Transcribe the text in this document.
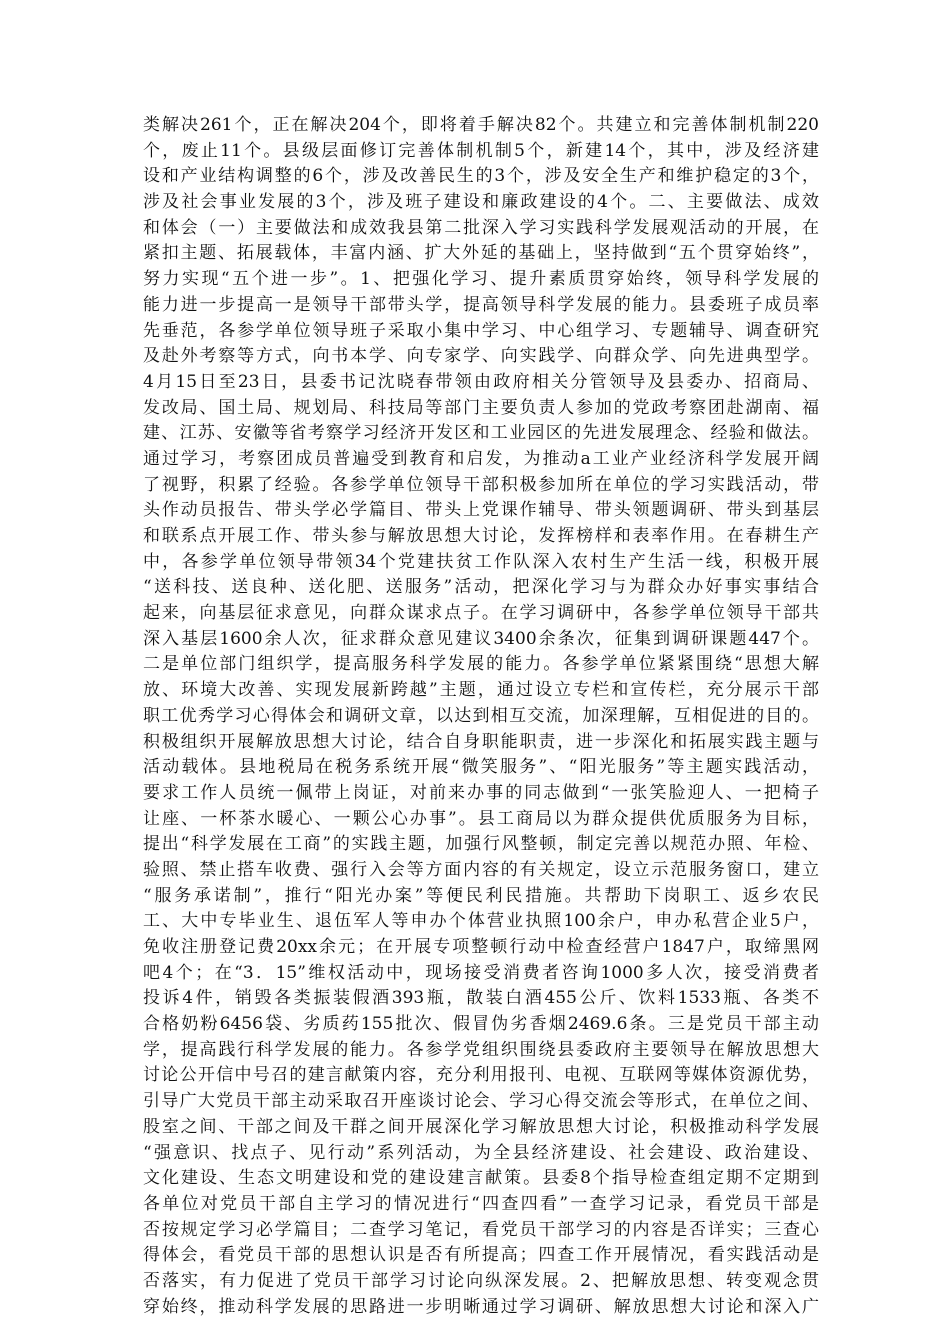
类解决261个，正在解决204个，即将着手解决82个。共建立和完善体制机制220
个，废止11个。县级层面修订完善体制机制5个，新建14个，其中，涉及经济建
设和产业结构调整的6个，涉及改善民生的3个，涉及安全生产和维护稳定的3个，
涉及社会事业发展的3个，涉及班子建设和廉政建设的4个。二、主要做法、成效
和体会（一）主要做法和成效我县第二批深入学习实践科学发展观活动的开展，在
紧扣主题、拓展载体，丰富内涵、扩大外延的基础上，坚持做到“五个贯穿始终”，
努力实现“五个进一步”。1、把强化学习、提升素质贯穿始终，领导科学发展的
能力进一步提高一是领导干部带头学，提高领导科学发展的能力。县委班子成员率
先垂范，各参学单位领导班子采取小集中学习、中心组学习、专题辅导、调查研究
及赴外考察等方式，向书本学、向专家学、向实践学、向群众学、向先进典型学。
4月15日至23日，县委书记沈晓春带领由政府相关分管领导及县委办、招商局、
发改局、国土局、规划局、科技局等部门主要负责人参加的党政考察团赴湖南、福
建、江苏、安徽等省考察学习经济开发区和工业园区的先进发展理念、经验和做法。
通过学习，考察团成员普遍受到教育和启发，为推动a工业产业经济科学发展开阔
了视野，积累了经验。各参学单位领导干部积极参加所在单位的学习实践活动，带
头作动员报告、带头学必学篇目、带头上党课作辅导、带头领题调研、带头到基层
和联系点开展工作、带头参与解放思想大讨论，发挥榜样和表率作用。在春耕生产
中，各参学单位领导带领34个党建扶贫工作队深入农村生产生活一线，积极开展
“送科技、送良种、送化肥、送服务”活动，把深化学习与为群众办好事实事结合
起来，向基层征求意见，向群众谋求点子。在学习调研中，各参学单位领导干部共
深入基层1600余人次，征求群众意见建议3400余条次，征集到调研课题447个。
二是单位部门组织学，提高服务科学发展的能力。各参学单位紧紧围绕“思想大解
放、环境大改善、实现发展新跨越”主题，通过设立专栏和宣传栏，充分展示干部
职工优秀学习心得体会和调研文章，以达到相互交流，加深理解，互相促进的目的。
积极组织开展解放思想大讨论，结合自身职能职责，进一步深化和拓展实践主题与
活动载体。县地税局在税务系统开展“微笑服务”、“阳光服务”等主题实践活动，
要求工作人员统一佩带上岗证，对前来办事的同志做到“一张笑脸迎人、一把椅子
让座、一杯茶水暖心、一颗公心办事”。县工商局以为群众提供优质服务为目标，
提出“科学发展在工商”的实践主题，加强行风整顿，制定完善以规范办照、年检、
验照、禁止搭车收费、强行入会等方面内容的有关规定，设立示范服务窗口，建立
“服务承诺制”，推行“阳光办案”等便民利民措施。共帮助下岗职工、返乡农民
工、大中专毕业生、退伍军人等申办个体营业执照100余户，申办私营企业5户，
免收注册登记费20xx余元；在开展专项整顿行动中检查经营户1847户，取缔黑网
吧4个；在“3．15”维权活动中，现场接受消费者咨询1000多人次，接受消费者
投诉4件，销毁各类振装假酒393瓶，散装白酒455公斤、饮料1533瓶、各类不
合格奶粉6456袋、劣质药155批次、假冒伪劣香烟2469.6条。三是党员干部主动
学，提高践行科学发展的能力。各参学党组织围绕县委政府主要领导在解放思想大
讨论公开信中号召的建言献策内容，充分利用报刊、电视、互联网等媒体资源优势，
引导广大党员干部主动采取召开座谈讨论会、学习心得交流会等形式，在单位之间、
股室之间、干部之间及干群之间开展深化学习解放思想大讨论，积极推动科学发展
“强意识、找点子、见行动”系列活动，为全县经济建设、社会建设、政治建设、
文化建设、生态文明建设和党的建设建言献策。县委8个指导检查组定期不定期到
各单位对党员干部自主学习的情况进行“四查四看”一查学习记录，看党员干部是
否按规定学习必学篇目；二查学习笔记，看党员干部学习的内容是否详实；三查心
得体会，看党员干部的思想认识是否有所提高；四查工作开展情况，看实践活动是
否落实，有力促进了党员干部学习讨论向纵深发展。2、把解放思想、转变观念贯
穿始终，推动科学发展的思路进一步明晰通过学习调研、解放思想大讨论和深入广
